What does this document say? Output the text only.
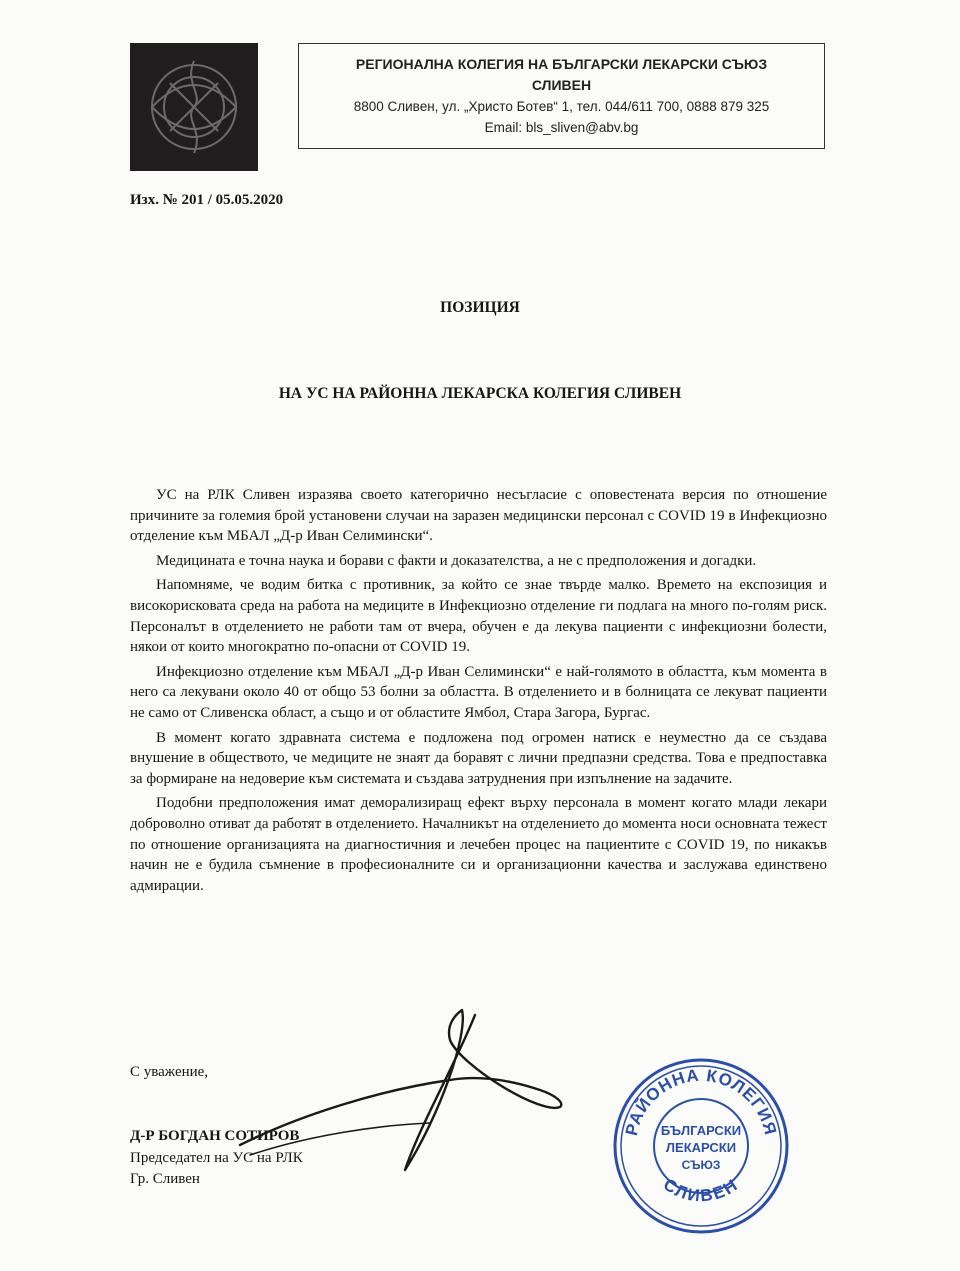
РЕГИОНАЛНА КОЛЕГИЯ НА БЪЛГАРСКИ ЛЕКАРСКИ СЪЮЗ
СЛИВЕН
8800 Сливен, ул. „Христо Ботев“ 1, тел. 044/611 700, 0888 879 325
Email: bls_sliven@abv.bg
Изх. № 201 / 05.05.2020
ПОЗИЦИЯ
НА УС НА РАЙОННА ЛЕКАРСКА КОЛЕГИЯ СЛИВЕН

УС на РЛК Сливен изразява своето категорично несъгласие с оповестената версия по отношение причините за големия брой установени случаи на заразен медицински персонал с COVID 19 в Инфекциозно отделение към МБАЛ „Д-р Иван Селимински“.

Медицината е точна наука и борави с факти и доказателства, а не с предположения и догадки.

Напомняме, че водим битка с противник, за който се знае твърде малко. Времето на експозиция и високорисковата среда на работа на медиците в Инфекциозно отделение ги подлага на много по-голям риск. Персоналът в отделението не работи там от вчера, обучен е да лекува пациенти с инфекциозни болести, някои от които многократно по-опасни от COVID 19.

Инфекциозно отделение към МБАЛ „Д-р Иван Селимински“ е най-голямото в областта, към момента в него са лекувани около 40 от общо 53 болни за областта. В отделението и в болницата се лекуват пациенти не само от Сливенска област, а също и от областите Ямбол, Стара Загора, Бургас.

В момент когато здравната система е подложена под огромен натиск е неуместно да се създава внушение в обществото, че медиците не знаят да боравят с лични предпазни средства. Това е предпоставка за формиране на недоверие към системата и създава затруднения при изпълнение на задачите.

Подобни предположения имат деморализиращ ефект върху персонала в момент когато млади лекари доброволно отиват да работят в отделението. Началникът на отделението до момента носи основната тежест по отношение организацията на диагностичния и лечебен процес на пациентите с COVID 19, по никакъв начин не е будила съмнение в професионалните си и организационни качества и заслужава единствено адмирации.

С уважение,
Д-Р БОГДАН СОТИРОВ
Председател на УС на РЛК
Гр. Сливен
РАЙОННА КОЛЕГИЯ
СЛИВЕН
БЪЛГАРСКИ
ЛЕКАРСКИ
СЪЮЗ
